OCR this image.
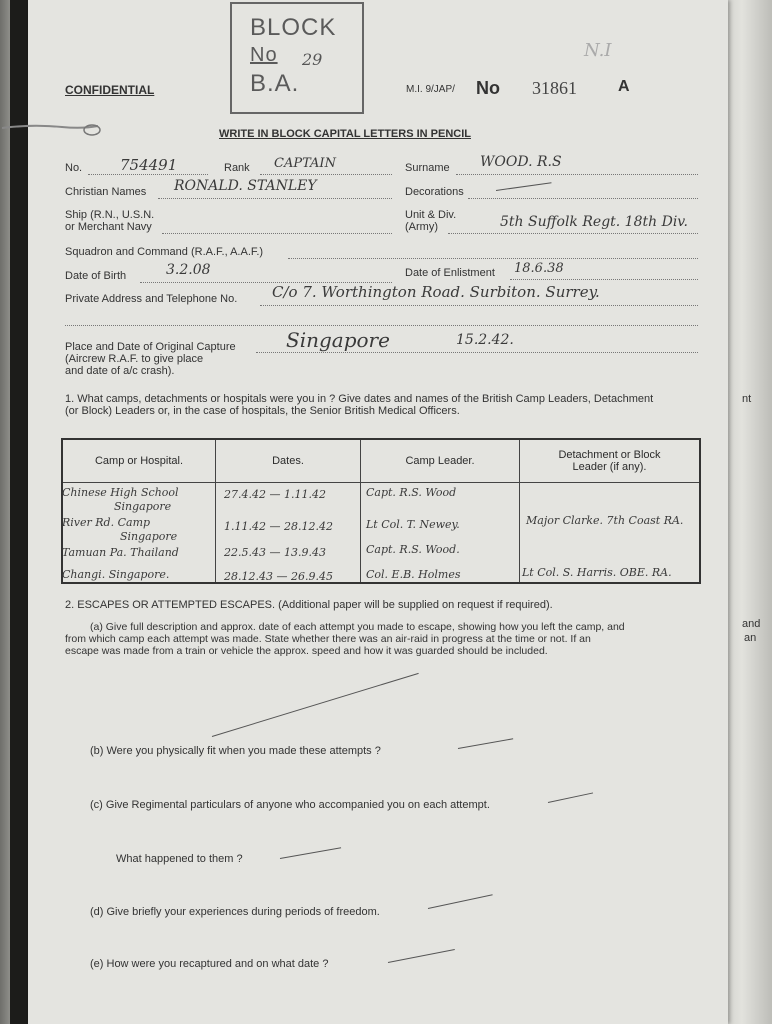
nt
and
an
CONFIDENTIAL
BLOCK
No 29
B.A.
N.I
M.I. 9/JAP/ No 31861	A
WRITE IN BLOCK CAPITAL LETTERS IN PENCIL
No.	754491	Rank CAPTAIN	Surname WOOD. R.S
Christian Names RONALD. STANLEY	Decorations
Ship (R.N., U.S.N.
or Merchant Navy
Unit & Div.
(Army)	5th Suffolk Regt. 18th Div.
Squadron and Command (R.A.F., A.A.F.)
Date of Birth	3.2.08	Date of Enlistment 18.6.38
Private Address and Telephone No. C/o 7. Worthington Road. Surbiton. Surrey.
Place and Date of Original Capture
(Aircrew R.A.F. to give place
and date of a/c crash).
Singapore	15.2.42.
1. What camps, detachments or hospitals were you in ? Give dates and names of the British Camp Leaders, Detachment
(or Block) Leaders or, in the case of hospitals, the Senior British Medical Officers.
Camp or Hospital.	Dates.	Camp Leader.	Detachment or Block Leader (if any).

Chinese High School
Singapore
27.4.42 — 1.11.42	Capt. R.S. Wood
River Rd. Camp
Singapore
1.11.42 — 28.12.42	Lt Col. T. Newey.	Major Clarke. 7th Coast RA.
Tamuan Pa. Thailand	22.5.43 — 13.9.43	Capt. R.S. Wood.
Changi. Singapore.	28.12.43 — 26.9.45	Col. E.B. Holmes	Lt Col. S. Harris. OBE. RA.
2. ESCAPES OR ATTEMPTED ESCAPES. (Additional paper will be supplied on request if required).
(a) Give full description and approx. date of each attempt you made to escape, showing how you left the camp, and
from which camp each attempt was made. State whether there was an air-raid in progress at the time or not. If an
escape was made from a train or vehicle the approx. speed and how it was guarded should be included.
(b) Were you physically fit when you made these attempts ?
(c) Give Regimental particulars of anyone who accompanied you on each attempt.
What happened to them ?
(d) Give briefly your experiences during periods of freedom.
(e) How were you recaptured and on what date ?
